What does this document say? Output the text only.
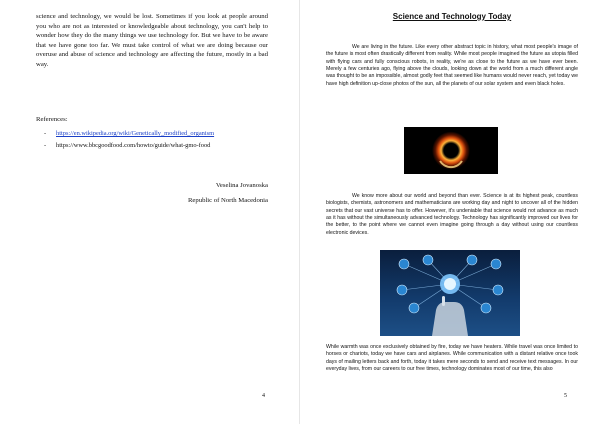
science and technology, we would be lost. Sometimes if you look at people around you who are not as interested or knowledgeable about technology, you can't help to wonder how they do the many things we use technology for. But we have to be aware that we have gone too far. We must take control of what we are doing because our overuse and abuse of science and technology are affecting the future, mostly in a bad way.

References:

- https://en.wikipedia.org/wiki/Genetically_modified_organism
- https://www.bbcgoodfood.com/howto/guide/what-gmo-food

Veselina Jovanoska

Republic of North Macedonia

4

Science and Technology Today

We are living in the future. Like every other abstract topic in history, what most people's image of the future is most often drastically different from reality. While most people imagined the future as utopia filled with flying cars and fully conscious robots, in reality, we're as close to the future as we have ever been. Merely a few centuries ago, flying above the clouds, looking down at the world from a much different angle was thought to be an impossible, almost godly feet that seemed like humans would never reach, yet today we have high definition up-close photos of the sun, all the planets of our solar system and even black holes.

We know more about our world and beyond than ever. Science is at its highest peak, countless biologists, chemists, astronomers and mathematicians are working day and night to uncover all of the hidden secrets that our vast universe has to offer. However, it's undeniable that science would not advance as much as it has without the simultaneously advanced technology. Technology has significantly improved our lives for the better, to the point where we cannot even imagine going through a day without using our countless electronic devices.

While warmth was once exclusively obtained by fire, today we have heaters. While travel was once limited to horses or chariots, today we have cars and airplanes. While communication with a distant relative once took days of mailing letters back and forth, today it takes mere seconds to send and receive text messages. In our everyday lives, from our careers to our free times, technology dominates most of our time, this also

5
